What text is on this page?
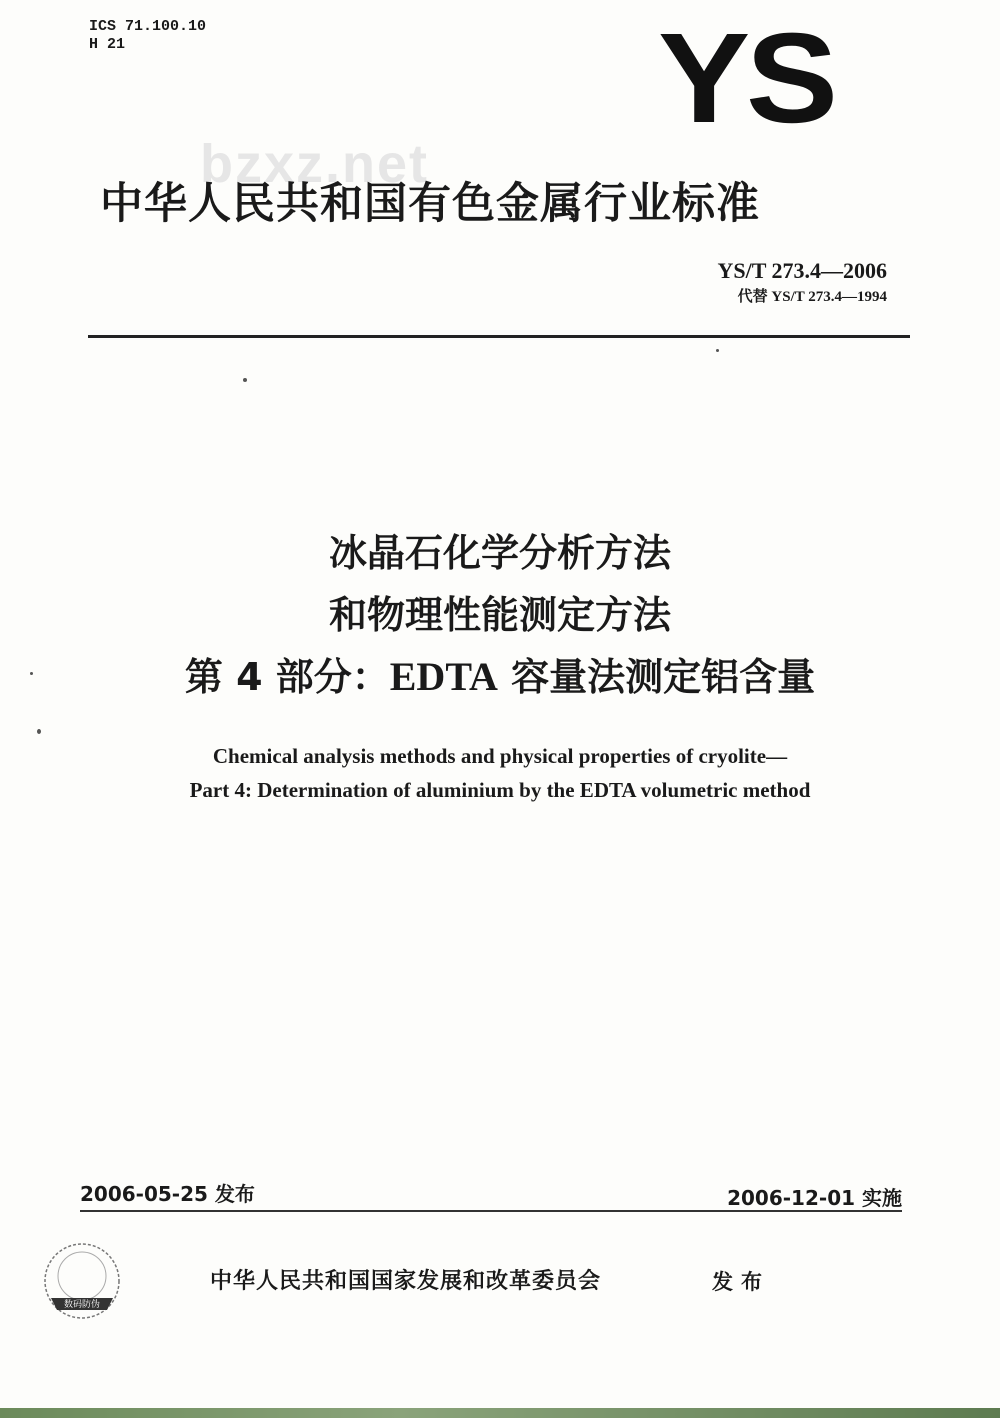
ICS 71.100.10
H 21	YS
bzxz.net
中华人民共和国有色金属行业标准
YS/T 273.4—2006
代替 YS/T 273.4—1994
冰晶石化学分析方法
和物理性能测定方法
第 4 部分：EDTA 容量法测定铝含量
Chemical analysis methods and physical properties of cryolite—
Part 4: Determination of aluminium by the EDTA volumetric method
2006-05-25 发布	2006-12-01 实施
数码防伪
中华人民共和国国家发展和改革委员会	发布
